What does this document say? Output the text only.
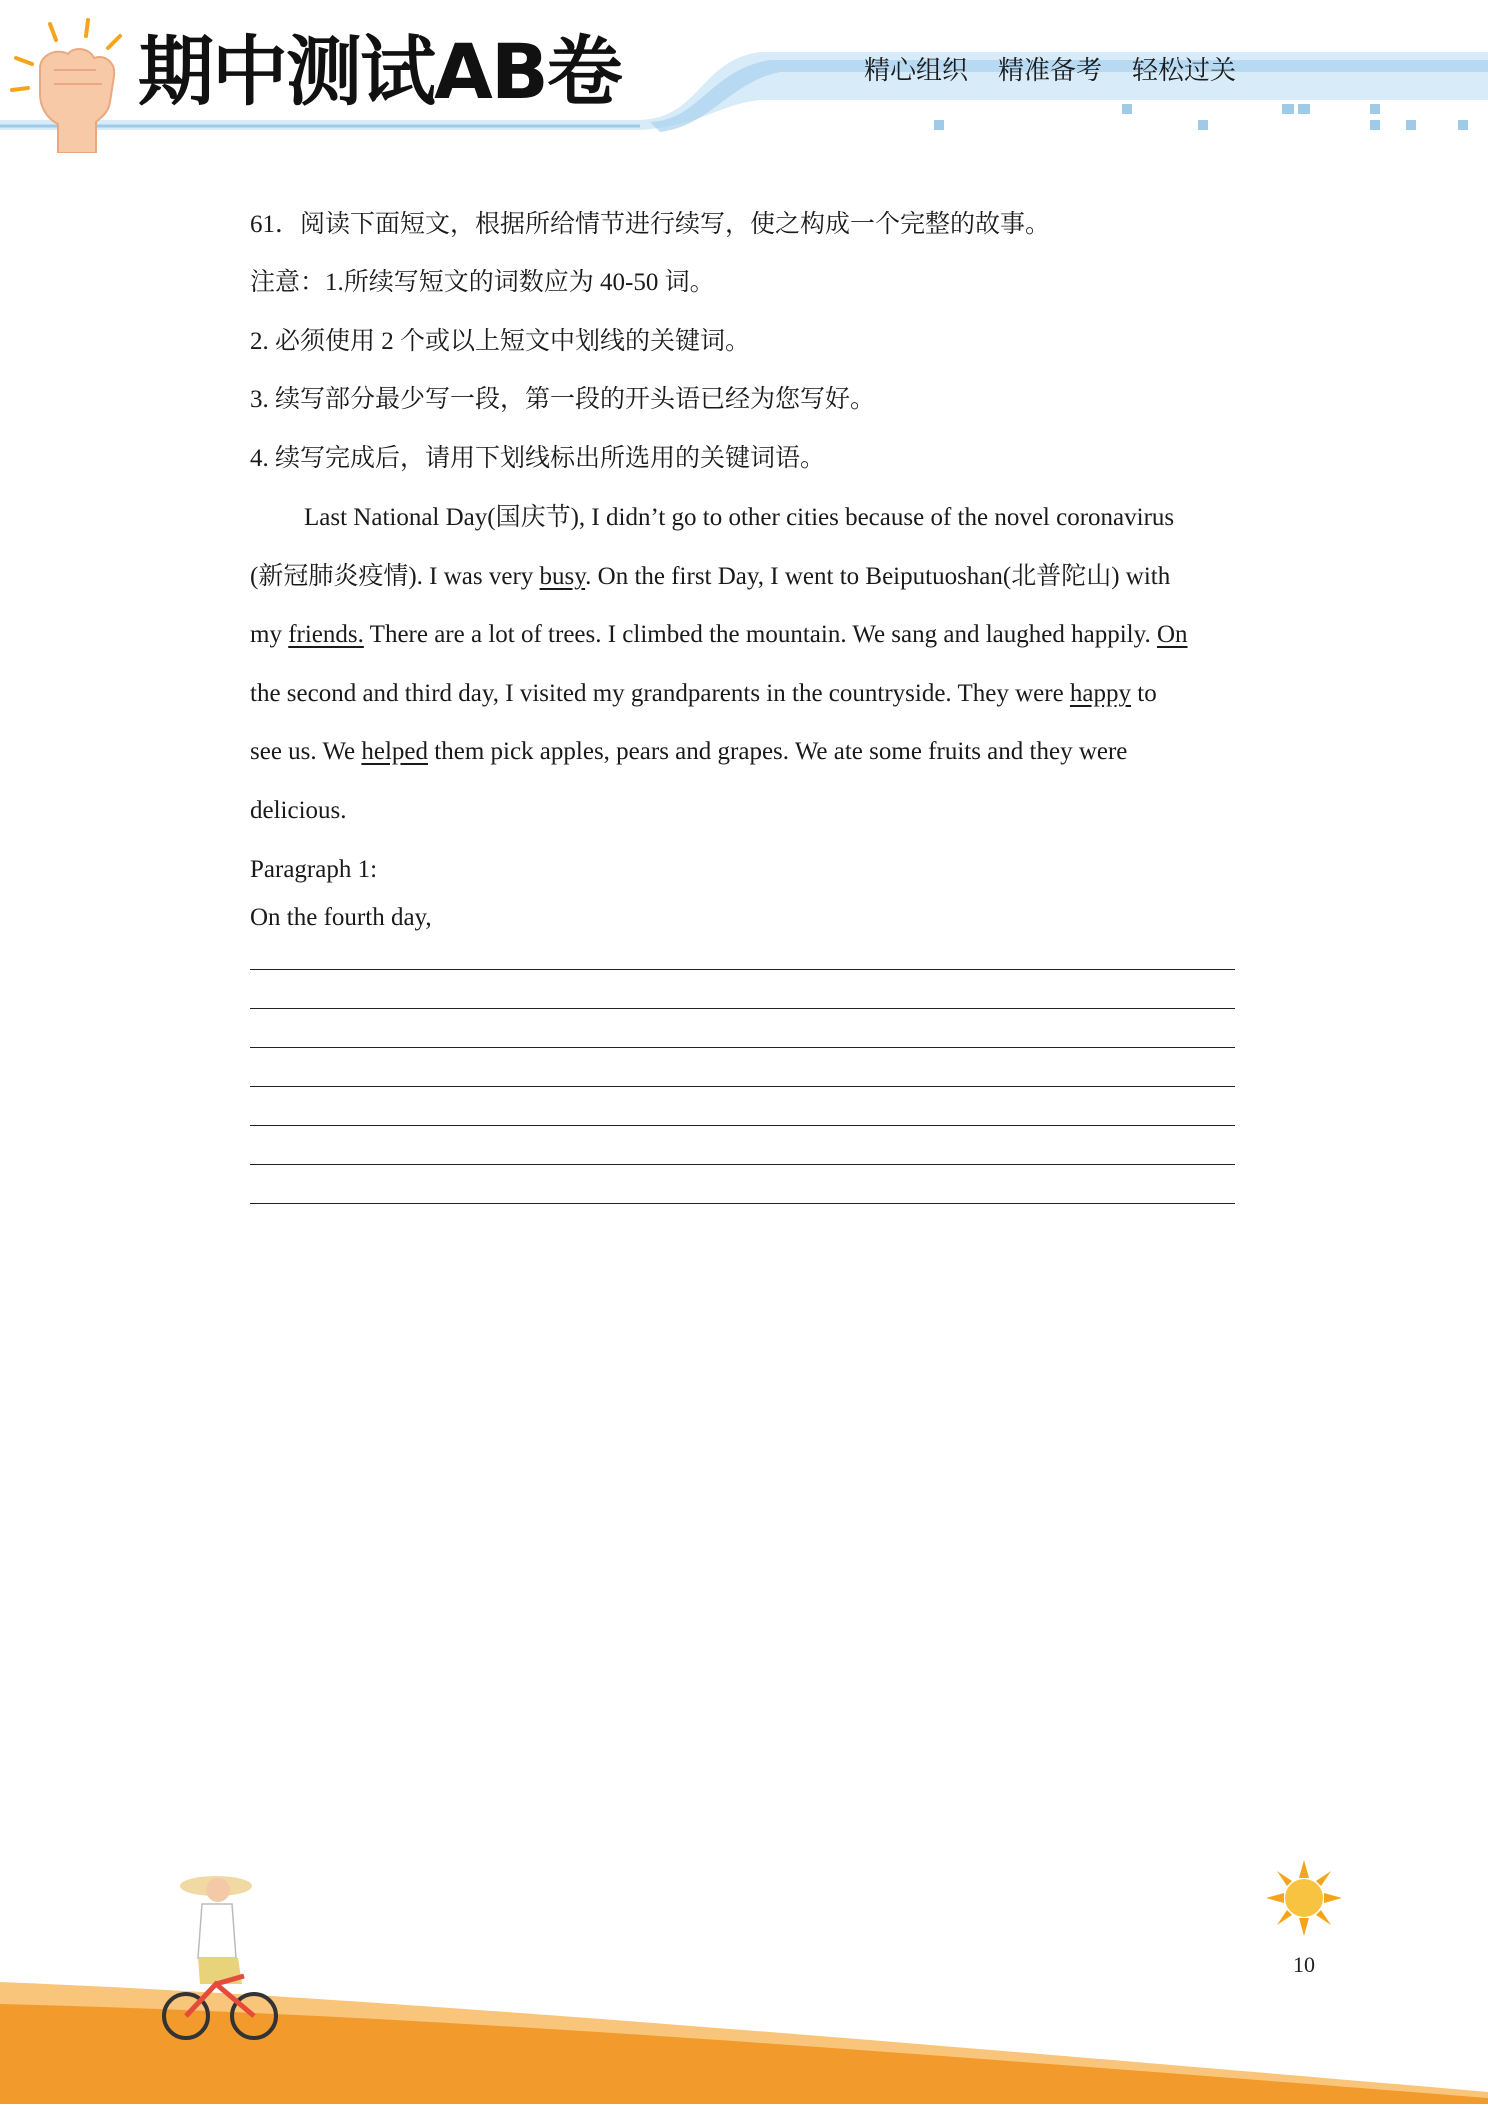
期中测试AB卷	精心组织 精准备考 轻松过关
61．阅读下面短文，根据所给情节进行续写，使之构成一个完整的故事。
注意：1.所续写短文的词数应为 40-50 词。
2. 必须使用 2 个或以上短文中划线的关键词。
3. 续写部分最少写一段，第一段的开头语已经为您写好。
4. 续写完成后，请用下划线标出所选用的关键词语。
Last National Day(国庆节), I didn’t go to other cities because of the novel coronavirus
(新冠肺炎疫情). I was very busy. On the first Day, I went to Beiputuoshan(北普陀山) with
my friends. There are a lot of trees. I climbed the mountain. We sang and laughed happily. On
the second and third day, I visited my grandparents in the countryside. They were happy to
see us. We helped them pick apples, pears and grapes. We ate some fruits and they were
delicious.
Paragraph 1:
On the fourth day,
10
